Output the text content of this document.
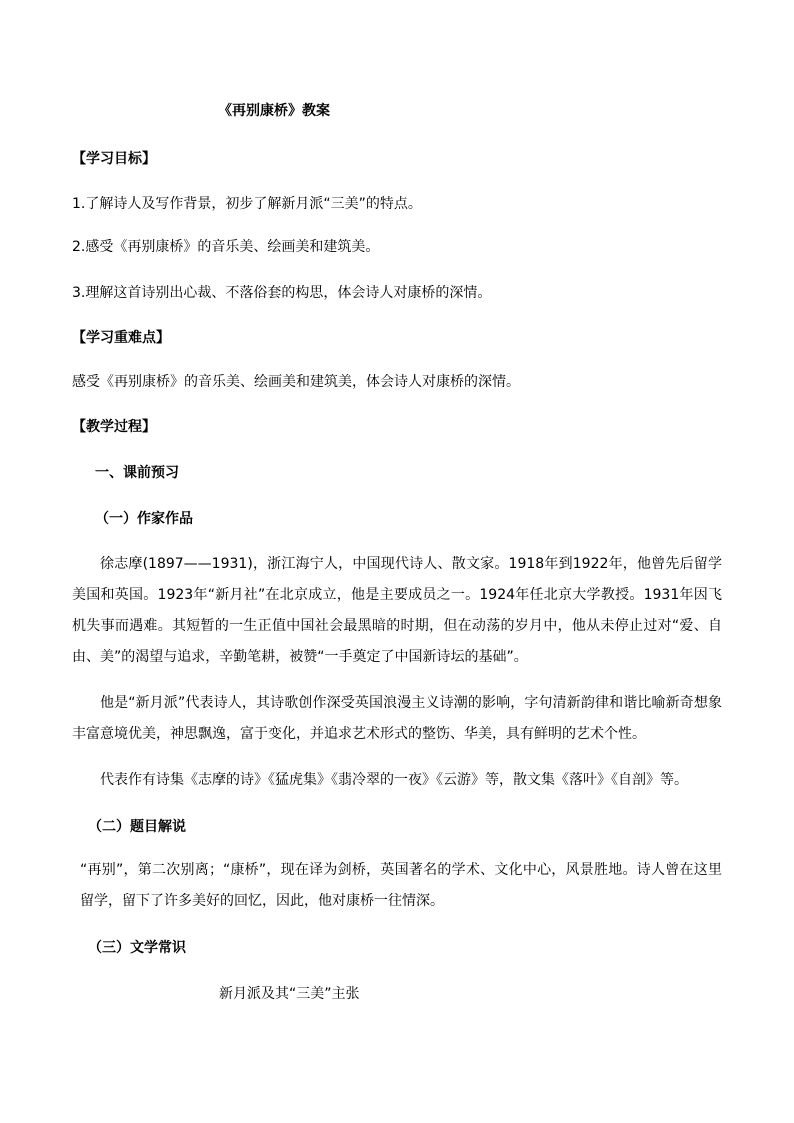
《再别康桥》教案
【学习目标】
1.了解诗人及写作背景，初步了解新月派“三美”的特点。
2.感受《再别康桥》的音乐美、绘画美和建筑美。
3.理解这首诗别出心裁、不落俗套的构思，体会诗人对康桥的深情。
【学习重难点】
感受《再别康桥》的音乐美、绘画美和建筑美，体会诗人对康桥的深情。
【教学过程】
一、课前预习
（一）作家作品
徐志摩(1897——1931)，浙江海宁人，中国现代诗人、散文家。1918年到1922年，他曾先后留学美国和英国。1923年“新月社”在北京成立，他是主要成员之一。1924年任北京大学教授。1931年因飞机失事而遇难。其短暂的一生正值中国社会最黑暗的时期，但在动荡的岁月中，他从未停止过对“爱、自由、美”的渴望与追求，辛勤笔耕，被赞“一手奠定了中国新诗坛的基础”。
他是“新月派”代表诗人，其诗歌创作深受英国浪漫主义诗潮的影响，字句清新韵律和谐比喻新奇想象丰富意境优美，神思飘逸，富于变化，并追求艺术形式的整饬、华美，具有鲜明的艺术个性。
代表作有诗集《志摩的诗》《猛虎集》《翡冷翠的一夜》《云游》等，散文集《落叶》《自剖》等。
（二）题目解说
“再别”，第二次别离；“康桥”，现在译为剑桥，英国著名的学术、文化中心，风景胜地。诗人曾在这里留学，留下了许多美好的回忆，因此，他对康桥一往情深。
（三）文学常识
新月派及其“三美”主张
